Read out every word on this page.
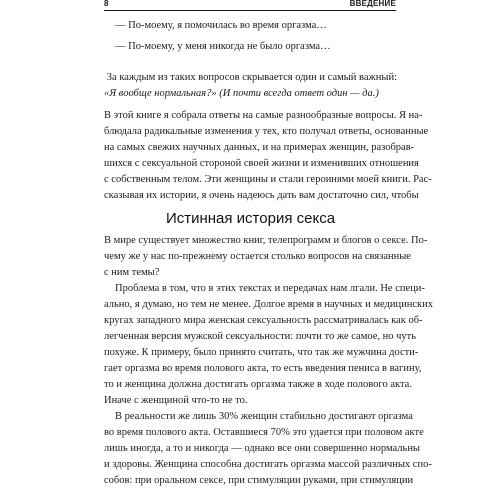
8	ВВЕДЕНИЕ
— По-моему, я помочилась во время оргазма…
— По-моему, у меня никогда не было оргазма…
За каждым из таких вопросов скрывается один и самый важный:
«Я вообще нормальная?» (И почти всегда ответ один — да.)
В этой книге я собрала ответы на самые разнообразные вопросы. Я на-
блюдала радикальные изменения у тех, кто получал ответы, основанные
на самых свежих научных данных, и на примерах женщин, разобрав-
шихся с сексуальной стороной своей жизни и изменивших отношения
с собственным телом. Эти женщины и стали героинями моей книги. Рас-
сказывая их истории, я очень надеюсь дать вам достаточно сил, чтобы
Истинная история секса
В мире существует множество книг, телепрограмм и блогов о сексе. По-
чему же у нас по-прежнему остается столько вопросов на связанные
с ним темы?
Проблема в том, что в этих текстах и передачах нам лгали. Не специ-
ально, я думаю, но тем не менее. Долгое время в научных и медицинских
кругах западного мира женская сексуальность рассматривалась как об-
легченная версия мужской сексуальности: почти то же самое, но чуть
похуже. К примеру, было принято считать, что так же мужчина дости-
гает оргазма во время полового акта, то есть введения пениса в вагину,
то и женщина должна достигать оргазма также в ходе полового акта.
Иначе с женщиной что-то не то.
В реальности же лишь 30% женщин стабильно достигают оргазма
во время полового акта. Оставшиеся 70% это удается при половом акте
лишь иногда, а то и никогда — однако все они совершенно нормальны
и здоровы. Женщина способна достигать оргазма массой различных спо-
собов: при оральном сексе, при стимуляции руками, при стимуляции
